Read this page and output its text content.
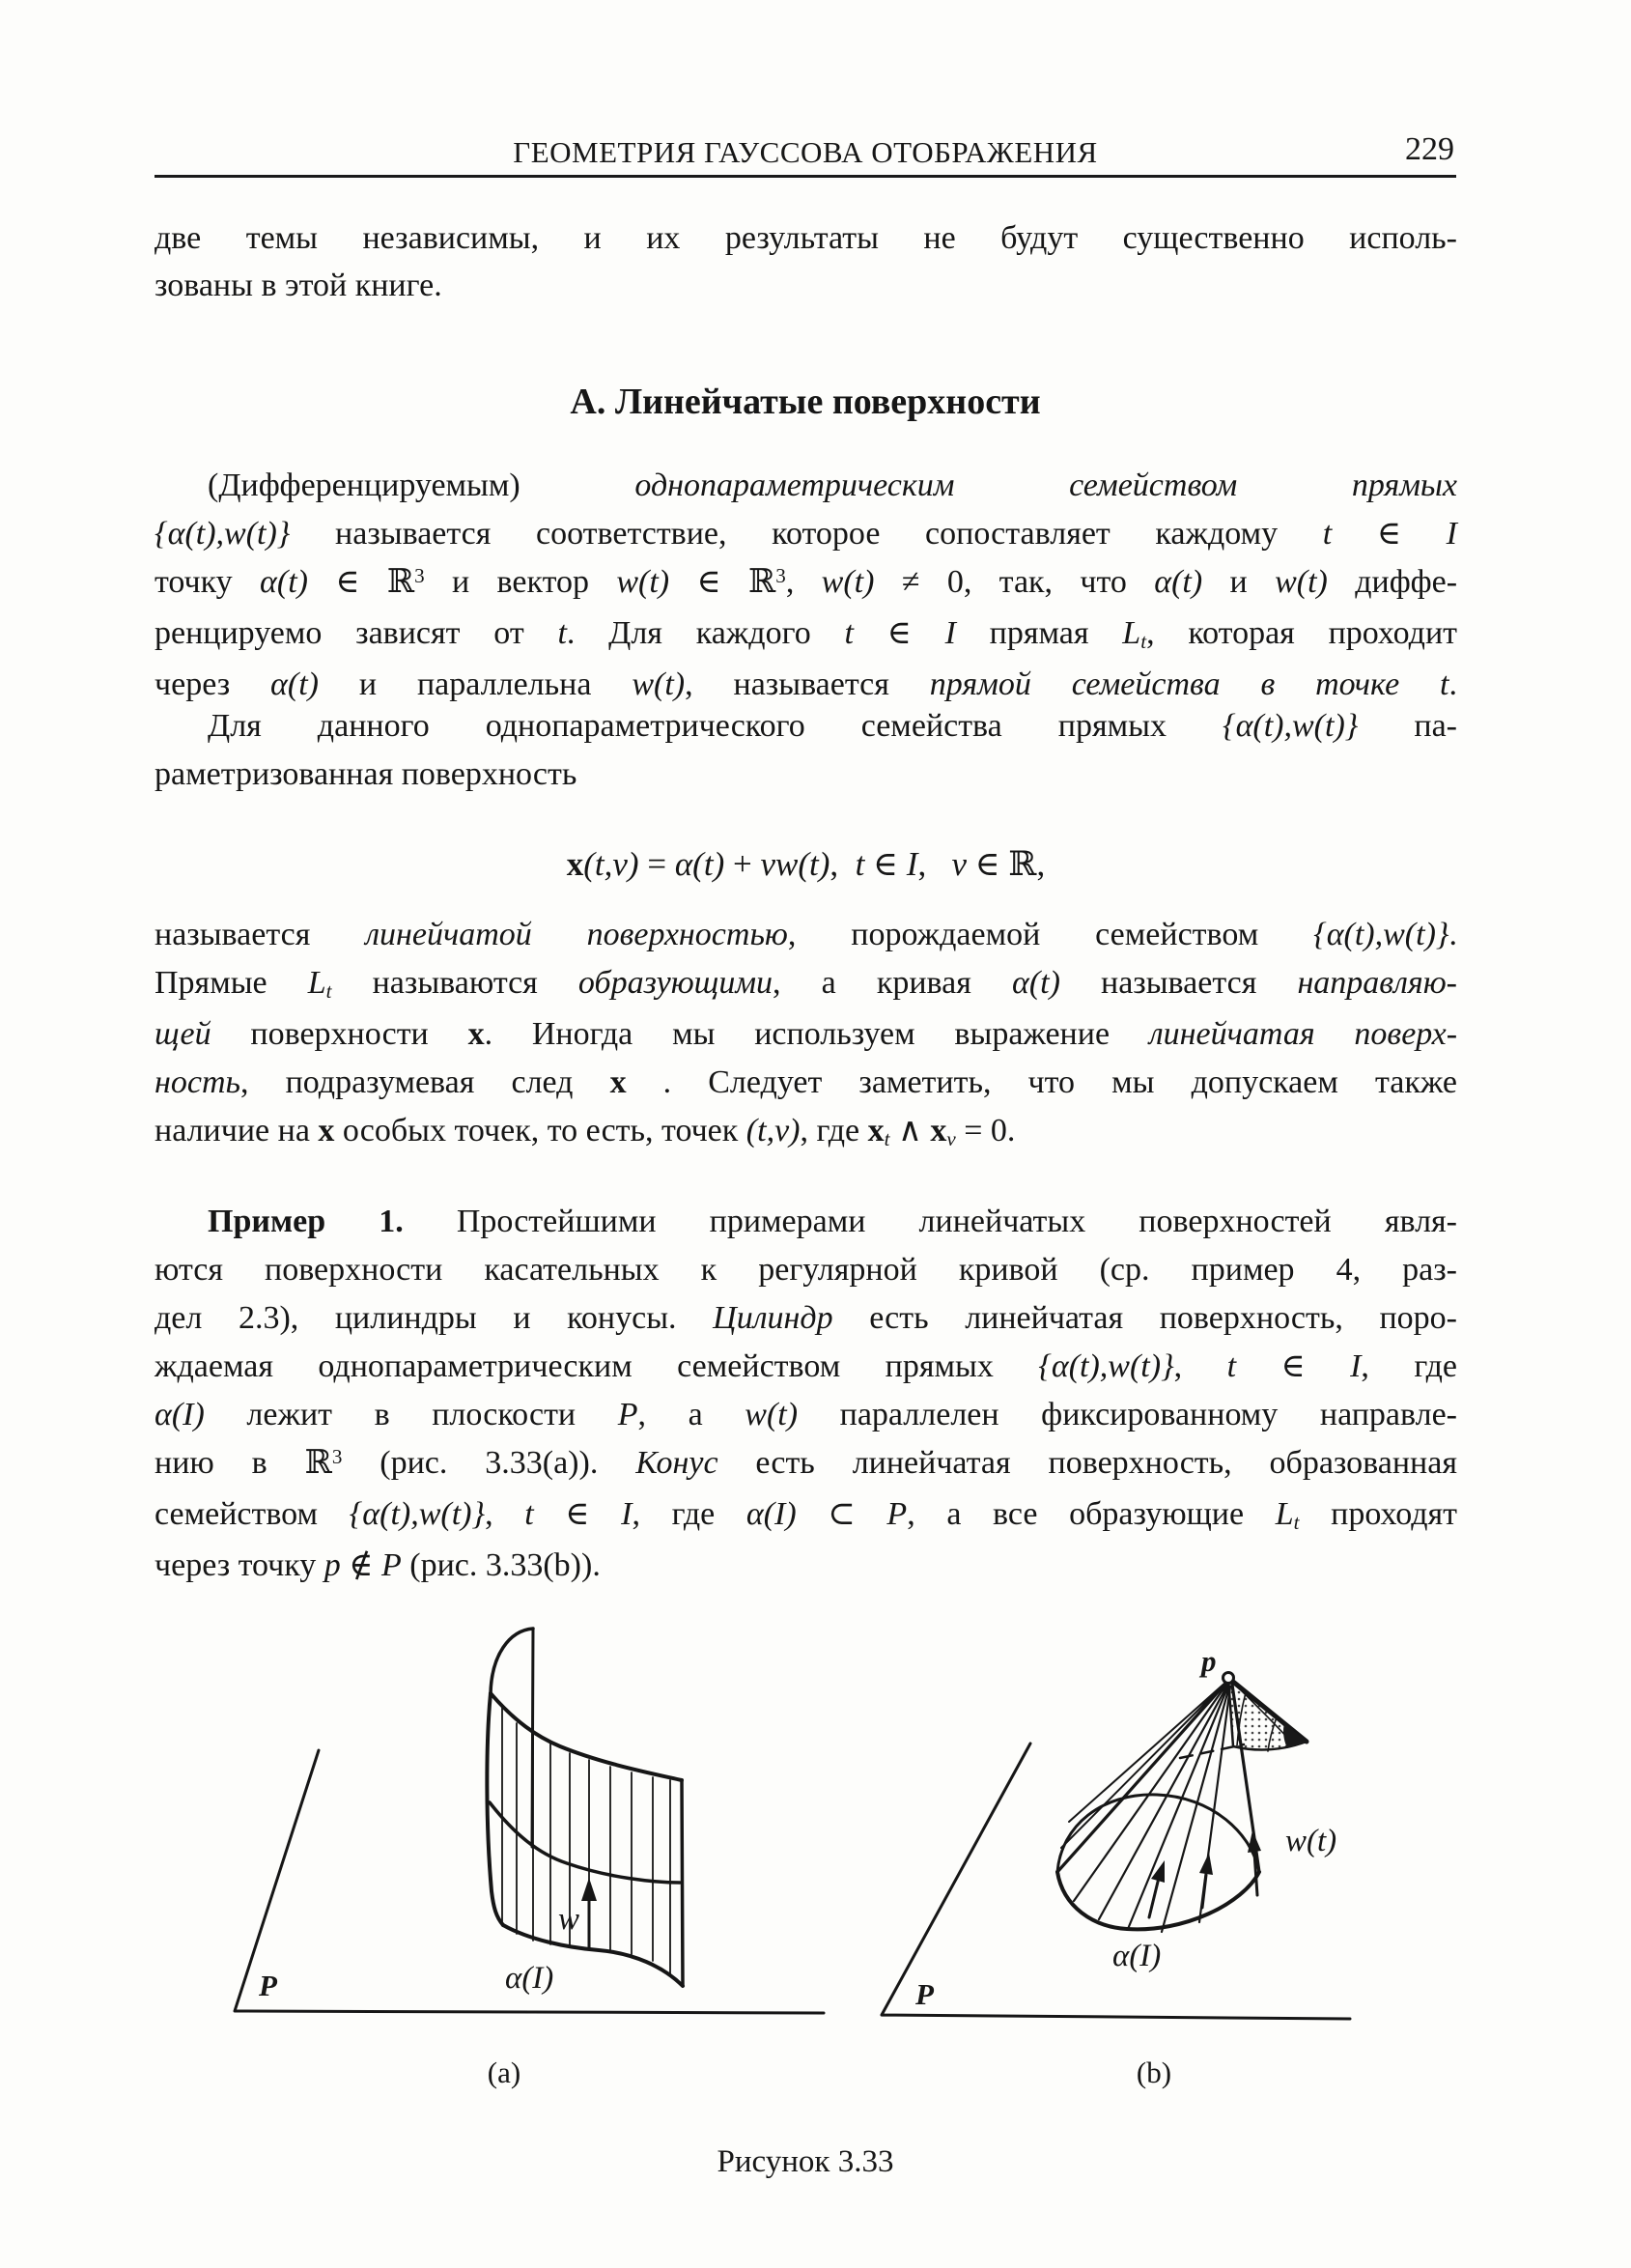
ГЕОМЕТРИЯ ГАУССОВА ОТОБРАЖЕНИЯ	229
две темы независимы, и их результаты не будут существенно исполь-
зованы в этой книге.
А. Линейчатые поверхности
(Дифференцируемым) однопараметрическим семейством прямых
{α(t),w(t)} называется соответствие, которое сопоставляет каждому t ∈ I
точку α(t) ∈ ℝ$^3$ и вектор w(t) ∈ ℝ$^3$, w(t) ≠ 0, так, что α(t) и w(t) диффе-
ренцируемо зависят от t. Для каждого t ∈ I прямая Lt, которая проходит
через α(t) и параллельна w(t), называется прямой семейства в точке t.
Для данного однопараметрического семейства прямых {α(t),w(t)} па-
раметризованная поверхность
x(t,v) = α(t) + vw(t),  t ∈ I,   v ∈ ℝ,
называется линейчатой поверхностью, порождаемой семейством {α(t),w(t)}.
Прямые Lt называются образующими, а кривая α(t) называется направляю-
щей поверхности x. Иногда мы используем выражение линейчатая поверх-
ность, подразумевая след x . Следует заметить, что мы допускаем также
наличие на x особых точек, то есть, точек (t,v), где xt ∧ xv = 0.
Пример 1. Простейшими примерами линейчатых поверхностей явля-
ются поверхности касательных к регулярной кривой (ср. пример 4, раз-
дел 2.3), цилиндры и конусы. Цилиндр есть линейчатая поверхность, поро-
ждаемая однопараметрическим семейством прямых {α(t),w(t)}, t ∈ I, где
α(I) лежит в плоскости P, а w(t) параллелен фиксированному направле-
нию в ℝ$^3$ (рис. 3.33(a)). Конус есть линейчатая поверхность, образованная
семейством {α(t),w(t)}, t ∈ I, где α(I) ⊂ P, а все образующие Lt проходят
через точку p ∉ P (рис. 3.33(b)).
P
w
α(I)
p
P
w(t)
α(I)
(a)	(b)
Рисунок 3.33
